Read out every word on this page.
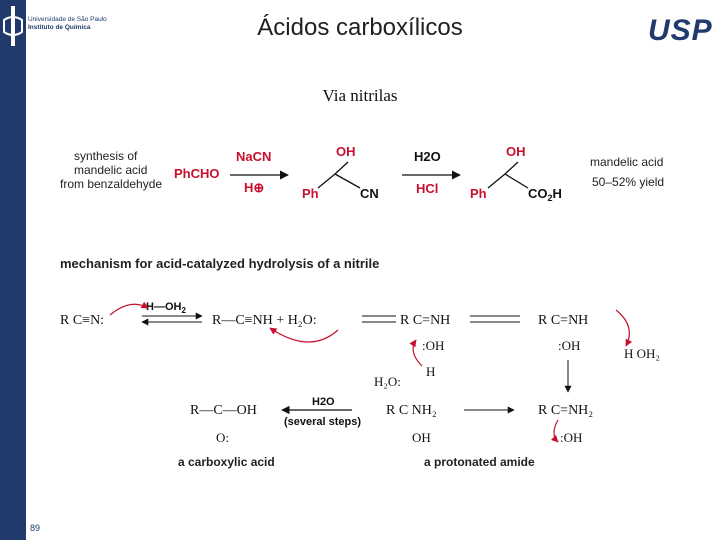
QFL0342 – Reatividade de Compostos Orgânicos
89
Universidade de São Paulo
Instituto de Química	Ácidos carboxílicos	USP
Via nitrilas
synthesis of
mandelic acid
from benzaldehyde
PhCHO
NaCN
H⊕
OH
Ph	CN
H2O
HCl
OH
Ph	$CO_2H$
mandelic acid
50–52% yield
mechanism for acid-catalyzed hydrolysis of a nitrile
R C≡N:
$H—OH_2$
R—C≡NH + H₂O:	R C=NH
:OH
H
H₂O:
R C=NH
:OH
H OH₂
R—C—OH
O:
H2O
(several steps)
R C NH₂
OH
R C=NH₂
:OH
a carboxylic acid	a protonated amide
